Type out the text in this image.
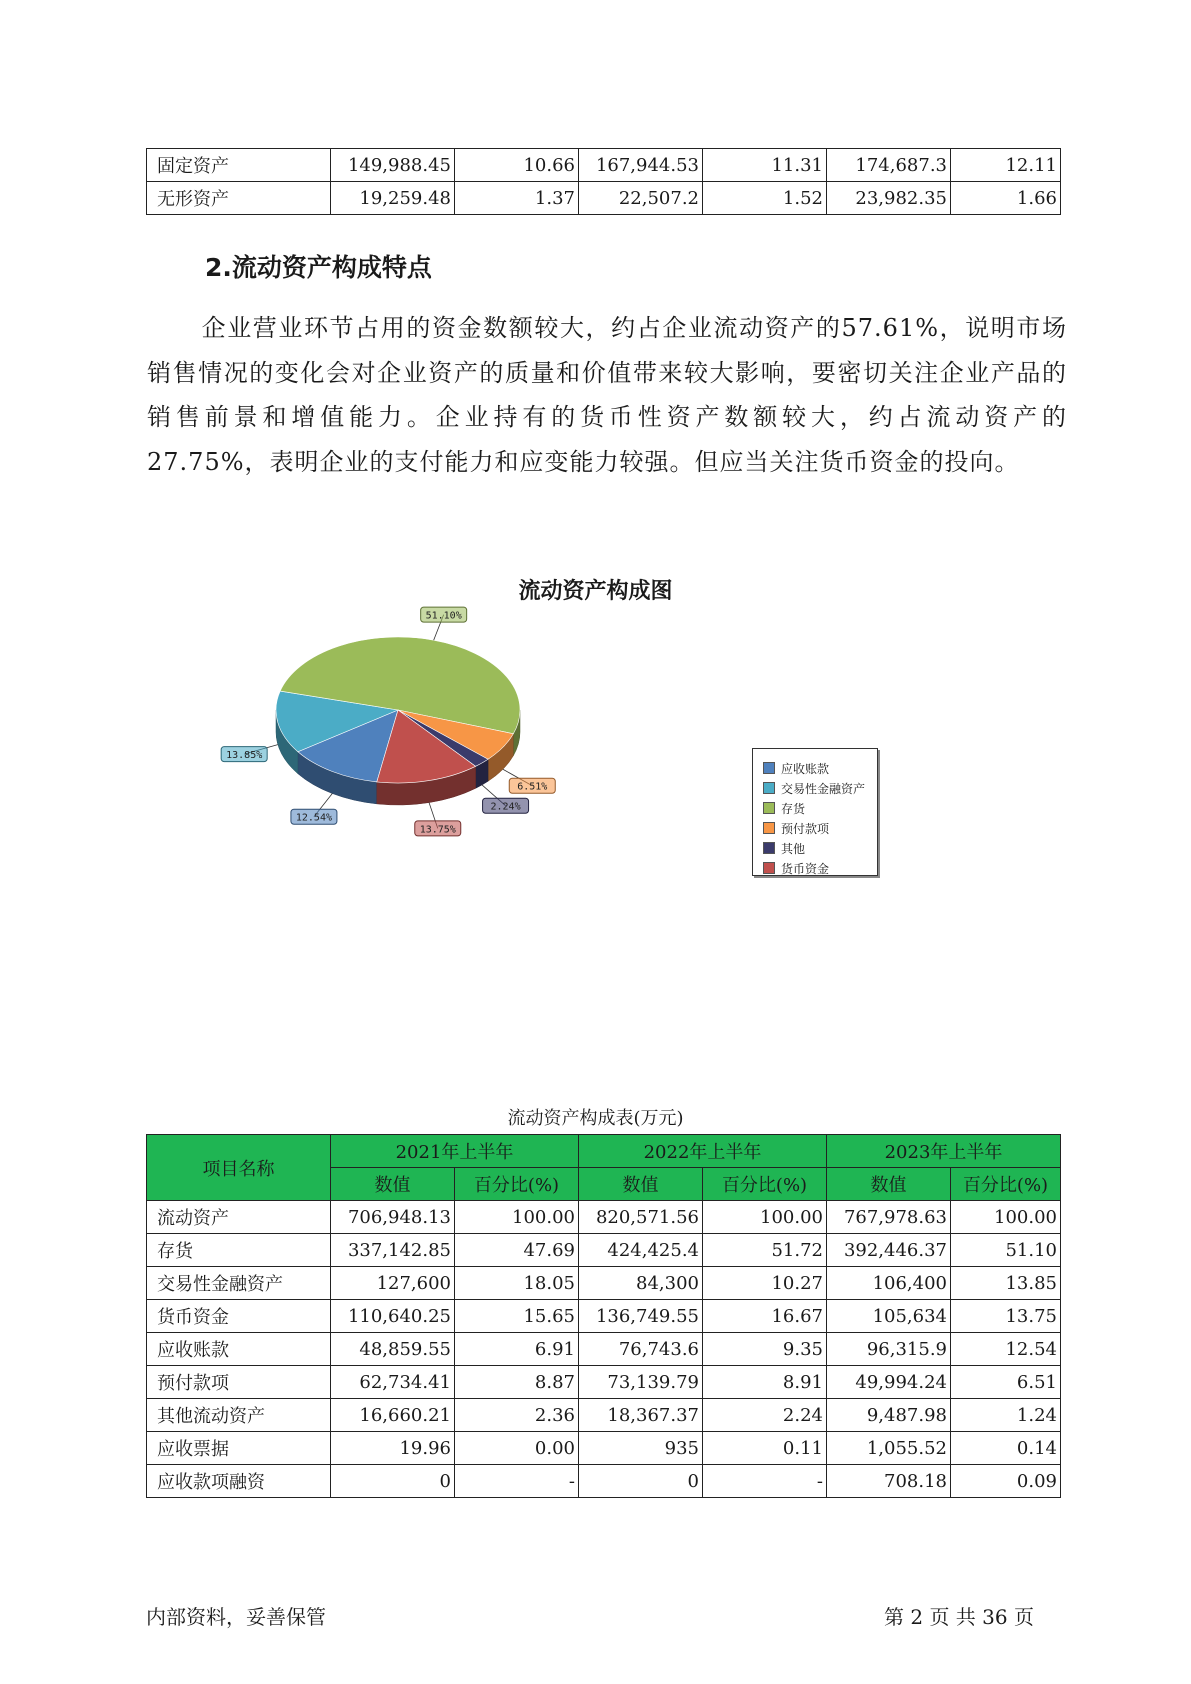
固定资产	149,988.45	10.66	167,944.53	11.31	174,687.3	12.11
无形资产	19,259.48	1.37	22,507.2	1.52	23,982.35	1.66
2.流动资产构成特点

企业营业环节占用的资金数额较大，约占企业流动资产的57.61%，说明市场销售情况的变化会对企业资产的质量和价值带来较大影响，要密切关注企业产品的销售前景和增值能力。企业持有的货币性资产数额较大，约占流动资产的27.75%，表明企业的支付能力和应变能力较强。但应当关注货币资金的投向。

流动资产构成图
12.54%
13.85%
51.10%
6.51%
2.24%
13.75%
应收账款
交易性金融资产
存货
预付款项
其他
货币资金
流动资产构成表(万元)
项目名称	2021年上半年		2022年上半年		2023年上半年	
	数值	百分比(%)	数值	百分比(%)	数值	百分比(%)
流动资产	706,948.13	100.00	820,571.56	100.00	767,978.63	100.00
存货	337,142.85	47.69	424,425.4	51.72	392,446.37	51.10
交易性金融资产	127,600	18.05	84,300	10.27	106,400	13.85
货币资金	110,640.25	15.65	136,749.55	16.67	105,634	13.75
应收账款	48,859.55	6.91	76,743.6	9.35	96,315.9	12.54
预付款项	62,734.41	8.87	73,139.79	8.91	49,994.24	6.51
其他流动资产	16,660.21	2.36	18,367.37	2.24	9,487.98	1.24
应收票据	19.96	0.00	935	0.11	1,055.52	0.14
应收款项融资	0	-	0	-	708.18	0.09
内部资料，妥善保管	第 2 页 共 36 页
